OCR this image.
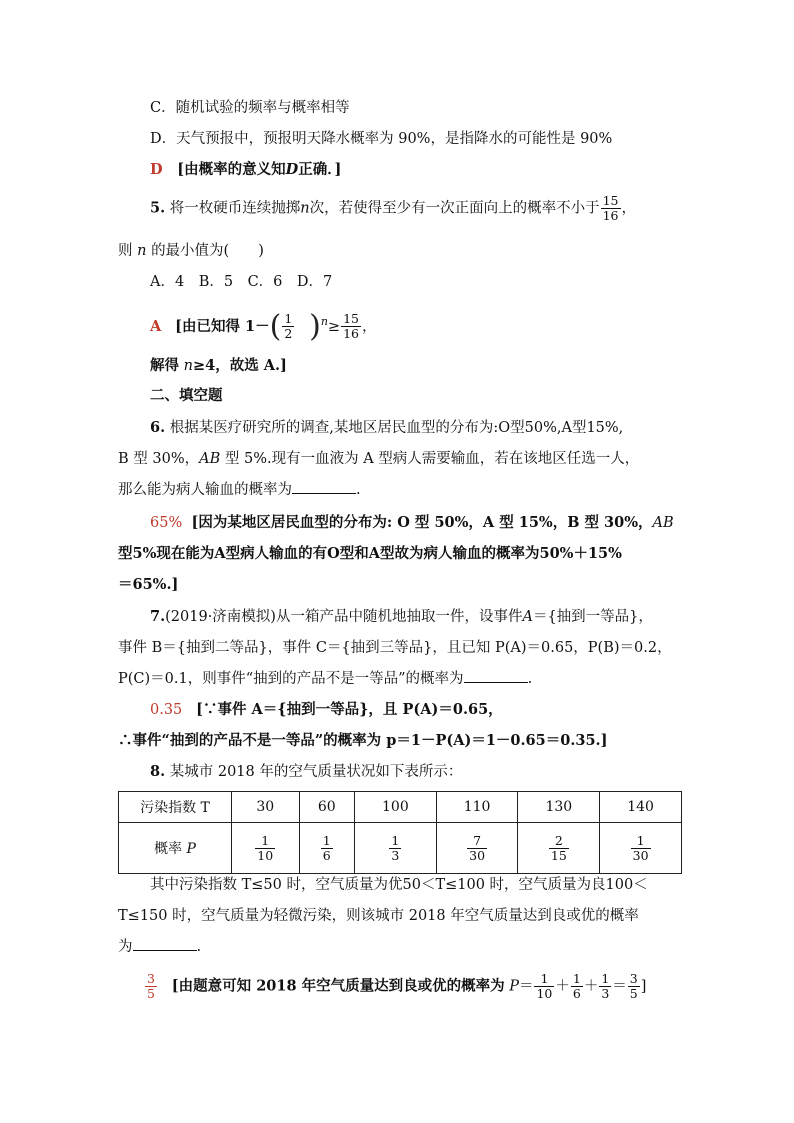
C．随机试验的频率与概率相等
D．天气预报中，预报明天降水概率为 90%，是指降水的可能性是 90%
D [由概率的意义知D正确．]
5. 将一枚硬币连续抛掷n次，若使得至少有一次正面向上的概率不小于 $\frac{15}{16}$ ，
则 n 的最小值为(　　)
A．4　B．5　C．6　D．7
A [由已知得 $1-( \frac{1}{2} )^n\ge \frac{15}{16}$ ，
解得 n≥4，故选 A.]
二、填空题
6. 根据某医疗研究所的调查,某地区居民血型的分布为:O型50%,A型15%,
B 型 30%，AB 型 5%.现有一血液为 A 型病人需要输血，若在该地区任选一人，
那么能为病人输血的概率为	.
65% [因为某地区居民血型的分布为: O 型 50%，A 型 15%，B 型 30%，AB
型5%现在能为A型病人输血的有O型和A型故为病人输血的概率为50%＋15%
＝65%.]
7.(2019·济南模拟)从一箱产品中随机地抽取一件，设事件A＝{抽到一等品}，
事件 B＝{抽到二等品}，事件 C＝{抽到三等品}，且已知 P(A)＝0.65，P(B)＝0.2，
P(C)＝0.1，则事件“抽到的产品不是一等品”的概率为	.
0.35 [∵事件 A＝{抽到一等品}，且 P(A)＝0.65，
∴事件“抽到的产品不是一等品”的概率为 p＝1－P(A)＝1－0.65＝0.35.]
8. 某城市 2018 年的空气质量状况如下表所示：
污染指数 T	30	60	100	110	130	140
概率 P	$\frac{1}{10}$	$\frac{1}{6}$	$\frac{1}{3}$	$\frac{7}{30}$	$\frac{2}{15}$	$\frac{1}{30}$
其中污染指数 T≤50 时，空气质量为优50＜T≤100 时，空气质量为良100＜
T≤150 时，空气质量为轻微污染，则该城市 2018 年空气质量达到良或优的概率
为	.
$\frac{3}{5}$ [由题意可知 2018 年空气质量达到良或优的概率为 $P= \frac{1}{10} + \frac{1}{6} + \frac{1}{3} = \frac{3}{5}$ ]
